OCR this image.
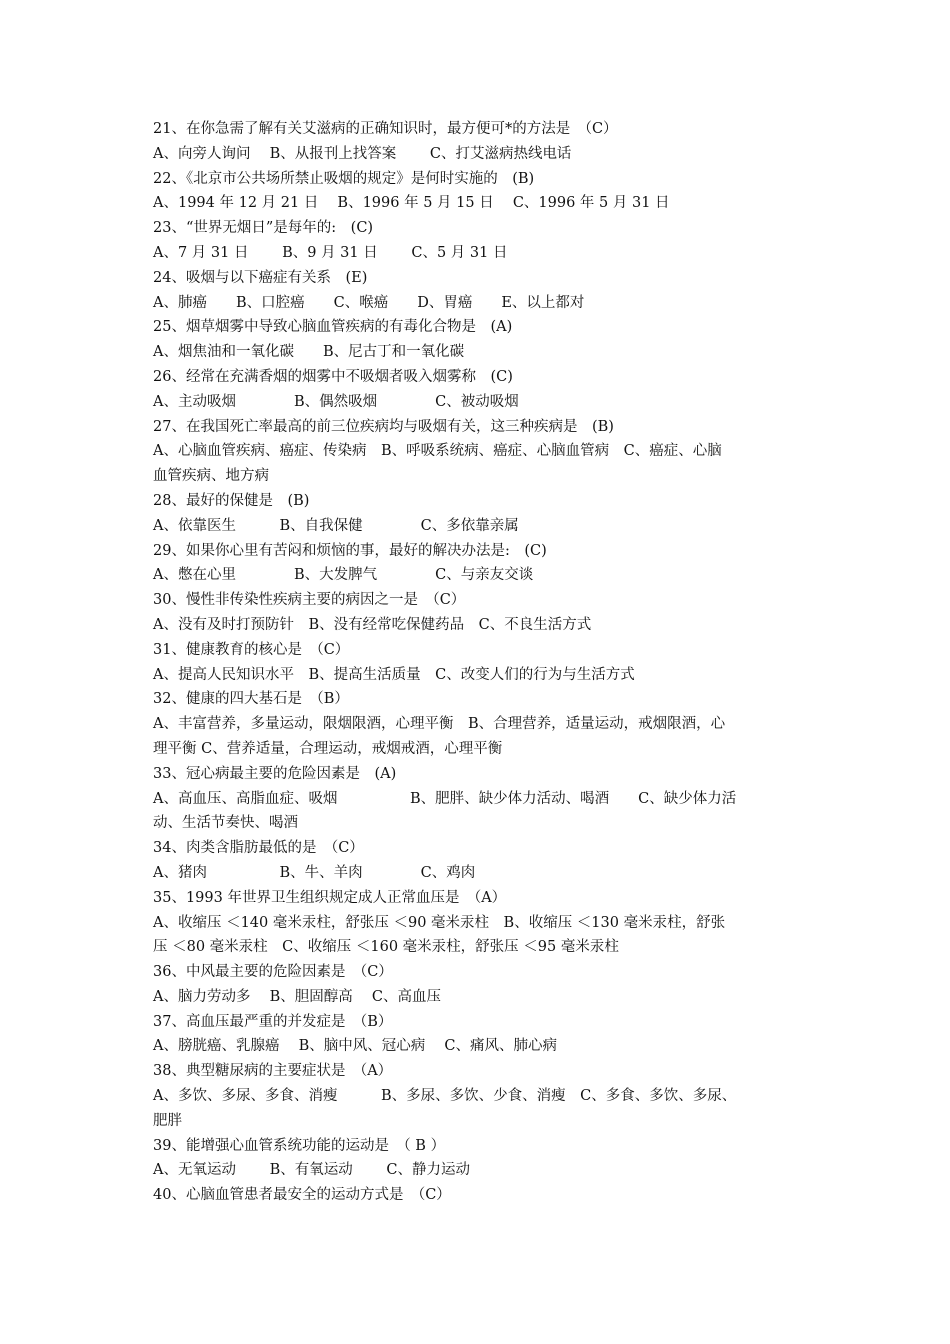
21、在你急需了解有关艾滋病的正确知识时，最方便可*的方法是　（C）
A、向旁人询问　 B、从报刊上找答案　　 C、打艾滋病热线电话
22、《北京市公共场所禁止吸烟的规定》是何时实施的　(B)
A、1994 年 12 月 21 日　 B、1996 年 5 月 15 日　 C、1996 年 5 月 31 日
23、“世界无烟日”是每年的:　(C)
A、7 月 31 日　　 B、9 月 31 日　　 C、5 月 31 日
24、吸烟与以下癌症有关系　(E)
A、肺癌　　B、口腔癌　　C、喉癌　　D、胃癌　　E、以上都对
25、烟草烟雾中导致心脑血管疾病的有毒化合物是　(A)
A、烟焦油和一氧化碳　　B、尼古丁和一氧化碳
26、经常在充满香烟的烟雾中不吸烟者吸入烟雾称　(C)
A、主动吸烟　　　　B、偶然吸烟　　　　C、被动吸烟
27、在我国死亡率最高的前三位疾病均与吸烟有关，这三种疾病是　(B)
A、心脑血管疾病、癌症、传染病　B、呼吸系统病、癌症、心脑血管病　C、癌症、心脑
血管疾病、地方病
28、最好的保健是　(B)
A、依靠医生　　　B、自我保健　　　　C、多依靠亲属
29、如果你心里有苦闷和烦恼的事，最好的解决办法是:　(C)
A、憋在心里　　　　B、大发脾气　　　　C、与亲友交谈
30、慢性非传染性疾病主要的病因之一是　（C）
A、没有及时打预防针　B、没有经常吃保健药品　C、不良生活方式
31、健康教育的核心是　（C）
A、提高人民知识水平　B、提高生活质量　C、改变人们的行为与生活方式
32、健康的四大基石是　（B）
A、丰富营养，多量运动，限烟限酒，心理平衡　B、合理营养，适量运动，戒烟限酒，心
理平衡 C、营养适量，合理运动，戒烟戒酒，心理平衡
33、冠心病最主要的危险因素是　(A)
A、高血压、高脂血症、吸烟　　　　　B、肥胖、缺少体力活动、喝酒　　C、缺少体力活
动、生活节奏快、喝酒
34、肉类含脂肪最低的是　（C）
A、猪肉　　　　　B、牛、羊肉　　　　C、鸡肉
35、1993 年世界卫生组织规定成人正常血压是　（A）
A、收缩压 ＜140 毫米汞柱，舒张压 ＜90 毫米汞柱　B、收缩压 ＜130 毫米汞柱，舒张
压 ＜80 毫米汞柱　C、收缩压 ＜160 毫米汞柱，舒张压 ＜95 毫米汞柱
36、中风最主要的危险因素是　（C）
A、脑力劳动多　 B、胆固醇高　 C、高血压
37、高血压最严重的并发症是　（B）
A、膀胱癌、乳腺癌　 B、脑中风、冠心病　 C、痛风、肺心病
38、典型糖尿病的主要症状是　（A）
A、多饮、多尿、多食、消瘦　　　B、多尿、多饮、少食、消瘦　C、多食、多饮、多尿、
肥胖
39、能增强心血管系统功能的运动是　（ B ）
A、无氧运动　　 B、有氧运动　　 C、静力运动
40、心脑血管患者最安全的运动方式是　（C）
